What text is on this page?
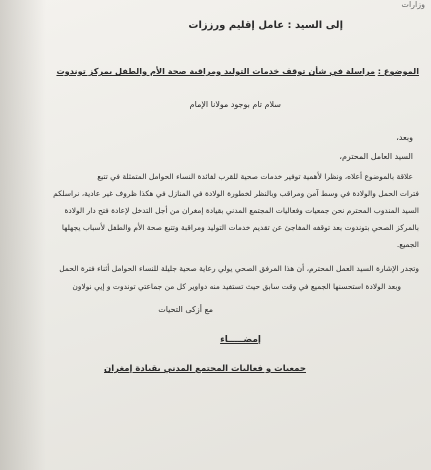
وزارات
إلى السيد : عامل إقليم ورززات
الموضوع : مراسلة في شأن توقف خدمات التوليد ومراقبة صحة الأم والطفل بمركز توندوت
سلام تام بوجود مولانا الإمام
وبعد،
السيد العامل المحترم،
علاقة بالموضوع أعلاه، ونظرا لأهمية توفير خدمات صحية للقرب لفائدة النساء الحوامل المتمثلة في تتبع
فترات الحمل والولادة في وسط آمن ومراقب وبالنظر لخطورة الولادة في المنازل في هكذا ظروف غير عادية، نراسلكم
السيد المندوب المحترم نحن جمعيات وفعاليات المجتمع المدني بقيادة إمغران من أجل التدخل لإعادة فتح دار الولادة
بالمركز الصحي بتوندوت بعد توقفه المفاجئ عن تقديم خدمات التوليد ومراقبة وتتبع صحة الأم والطفل لأسباب يجهلها
الجميع.
وتجدر الإشارة السيد العمل المحترم، أن هذا المرفق الصحي يولي رعاية صحية جليلة للنساء الحوامل أثناء فترة الحمل
وبعد الولادة استحسنها الجميع في وقت سابق حيث تستفيد منه دواوير كل من جماعتي توندوت و إيي نولاون
مع أزكى التحيات
إمضـــــاء
جمعيات و فعاليات المجتمع المدني بقيادة إمغران
